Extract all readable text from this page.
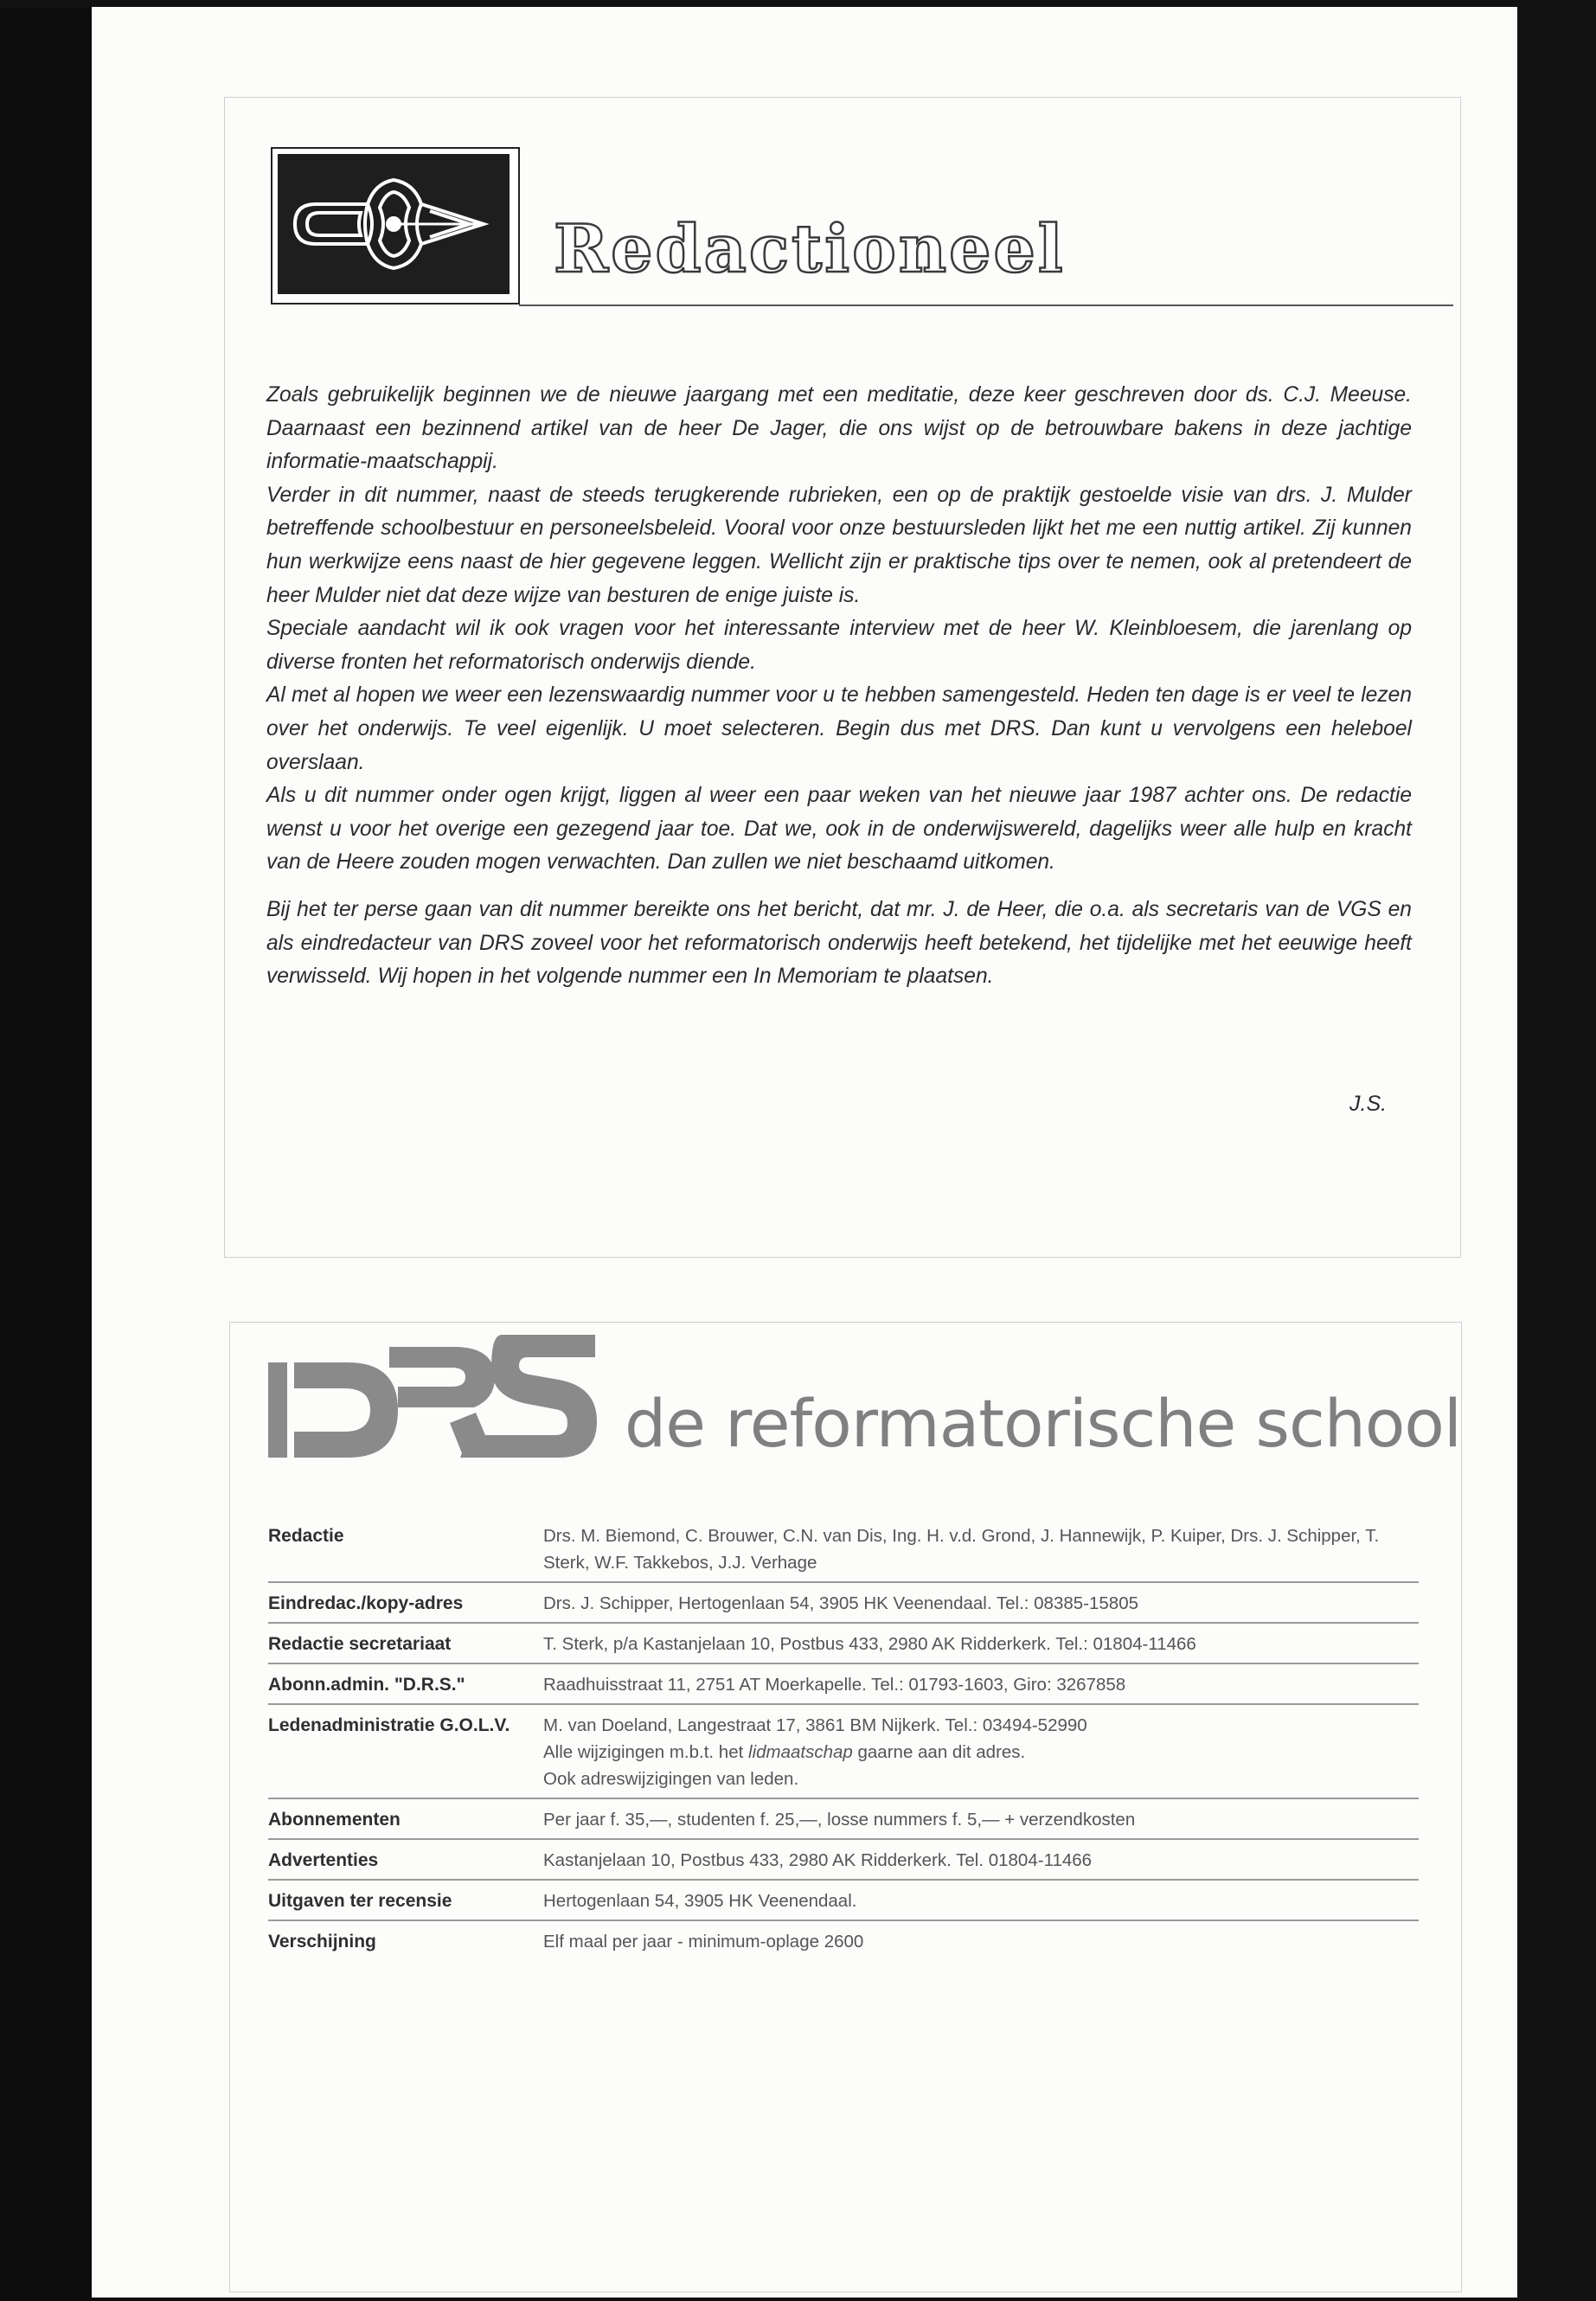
Redactioneel

Zoals gebruikelijk beginnen we de nieuwe jaargang met een meditatie, deze keer geschreven door ds. C.J. Meeuse. Daarnaast een bezinnend artikel van de heer De Jager, die ons wijst op de betrouwbare bakens in deze jachtige informatie-maatschappij.

Verder in dit nummer, naast de steeds terugkerende rubrieken, een op de praktijk gestoelde visie van drs. J. Mulder betreffende schoolbestuur en personeelsbeleid. Vooral voor onze bestuursleden lijkt het me een nuttig artikel. Zij kunnen hun werkwijze eens naast de hier gegevene leggen. Wellicht zijn er praktische tips over te nemen, ook al pretendeert de heer Mulder niet dat deze wijze van besturen de enige juiste is.

Speciale aandacht wil ik ook vragen voor het interessante interview met de heer W. Kleinbloesem, die jarenlang op diverse fronten het reformatorisch onderwijs diende.

Al met al hopen we weer een lezenswaardig nummer voor u te hebben samengesteld. Heden ten dage is er veel te lezen over het onderwijs. Te veel eigenlijk. U moet selecteren. Begin dus met DRS. Dan kunt u vervolgens een heleboel overslaan.

Als u dit nummer onder ogen krijgt, liggen al weer een paar weken van het nieuwe jaar 1987 achter ons. De redactie wenst u voor het overige een gezegend jaar toe. Dat we, ook in de onderwijswereld, dagelijks weer alle hulp en kracht van de Heere zouden mogen verwachten. Dan zullen we niet beschaamd uitkomen.

Bij het ter perse gaan van dit nummer bereikte ons het bericht, dat mr. J. de Heer, die o.a. als secretaris van de VGS en als eindredacteur van DRS zoveel voor het reformatorisch onderwijs heeft betekend, het tijdelijke met het eeuwige heeft verwisseld. Wij hopen in het volgende nummer een In Memoriam te plaatsen.

J.S.
de reformatorische school
Redactie	Drs. M. Biemond, C. Brouwer, C.N. van Dis, Ing. H. v.d. Grond, J. Hannewijk, P. Kuiper, Drs. J. Schipper, T. Sterk, W.F. Takkebos, J.J. Verhage
Eindredac./kopy-adres	Drs. J. Schipper, Hertogenlaan 54, 3905 HK Veenendaal. Tel.: 08385-15805
Redactie secretariaat	T. Sterk, p/a Kastanjelaan 10, Postbus 433, 2980 AK Ridderkerk. Tel.: 01804-11466
Abonn.admin. "D.R.S."	Raadhuisstraat 11, 2751 AT Moerkapelle. Tel.: 01793-1603, Giro: 3267858
Ledenadministratie G.O.L.V.	M. van Doeland, Langestraat 17, 3861 BM Nijkerk. Tel.: 03494-52990
Alle wijzigingen m.b.t. het lidmaatschap gaarne aan dit adres.
Ook adreswijzigingen van leden.
Abonnementen	Per jaar f. 35,—, studenten f. 25,—, losse nummers f. 5,— + verzendkosten
Advertenties	Kastanjelaan 10, Postbus 433, 2980 AK Ridderkerk. Tel. 01804-11466
Uitgaven ter recensie	Hertogenlaan 54, 3905 HK Veenendaal.
Verschijning	Elf maal per jaar - minimum-oplage 2600
